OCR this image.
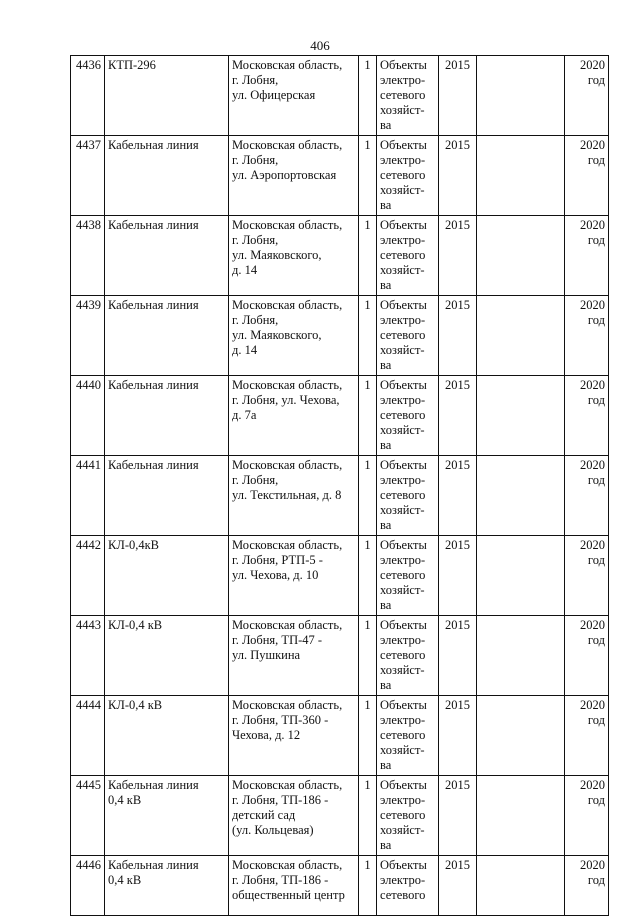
406
4436	КТП-296	Московская область,
г. Лобня,
ул. Офицерская	1	Объекты
электро-
сетевого
хозяйст-
ва	2015		2020
год

4437	Кабельная линия	Московская область,
г. Лобня,
ул. Аэропортовская	1	Объекты
электро-
сетевого
хозяйст-
ва	2015		2020
год

4438	Кабельная линия	Московская область,
г. Лобня,
ул. Маяковского,
д. 14	1	Объекты
электро-
сетевого
хозяйст-
ва	2015		2020
год

4439	Кабельная линия	Московская область,
г. Лобня,
ул. Маяковского,
д. 14	1	Объекты
электро-
сетевого
хозяйст-
ва	2015		2020
год

4440	Кабельная линия	Московская область,
г. Лобня, ул. Чехова,
д. 7а	1	Объекты
электро-
сетевого
хозяйст-
ва	2015		2020
год

4441	Кабельная линия	Московская область,
г. Лобня,
ул. Текстильная, д. 8	1	Объекты
электро-
сетевого
хозяйст-
ва	2015		2020
год

4442	КЛ-0,4кВ	Московская область,
г. Лобня, РТП-5 -
ул. Чехова, д. 10	1	Объекты
электро-
сетевого
хозяйст-
ва	2015		2020
год

4443	КЛ-0,4 кВ	Московская область,
г. Лобня, ТП-47 -
ул. Пушкина	1	Объекты
электро-
сетевого
хозяйст-
ва	2015		2020
год

4444	КЛ-0,4 кВ	Московская область,
г. Лобня, ТП-360 -
Чехова, д. 12	1	Объекты
электро-
сетевого
хозяйст-
ва	2015		2020
год

4445	Кабельная линия
0,4 кВ	Московская область,
г. Лобня, ТП-186 -
детский сад
(ул. Кольцевая)	1	Объекты
электро-
сетевого
хозяйст-
ва	2015		2020
год

4446	Кабельная линия
0,4 кВ	Московская область,
г. Лобня, ТП-186 -
общественный центр	1	Объекты
электро-
сетевого	2015		2020
год
